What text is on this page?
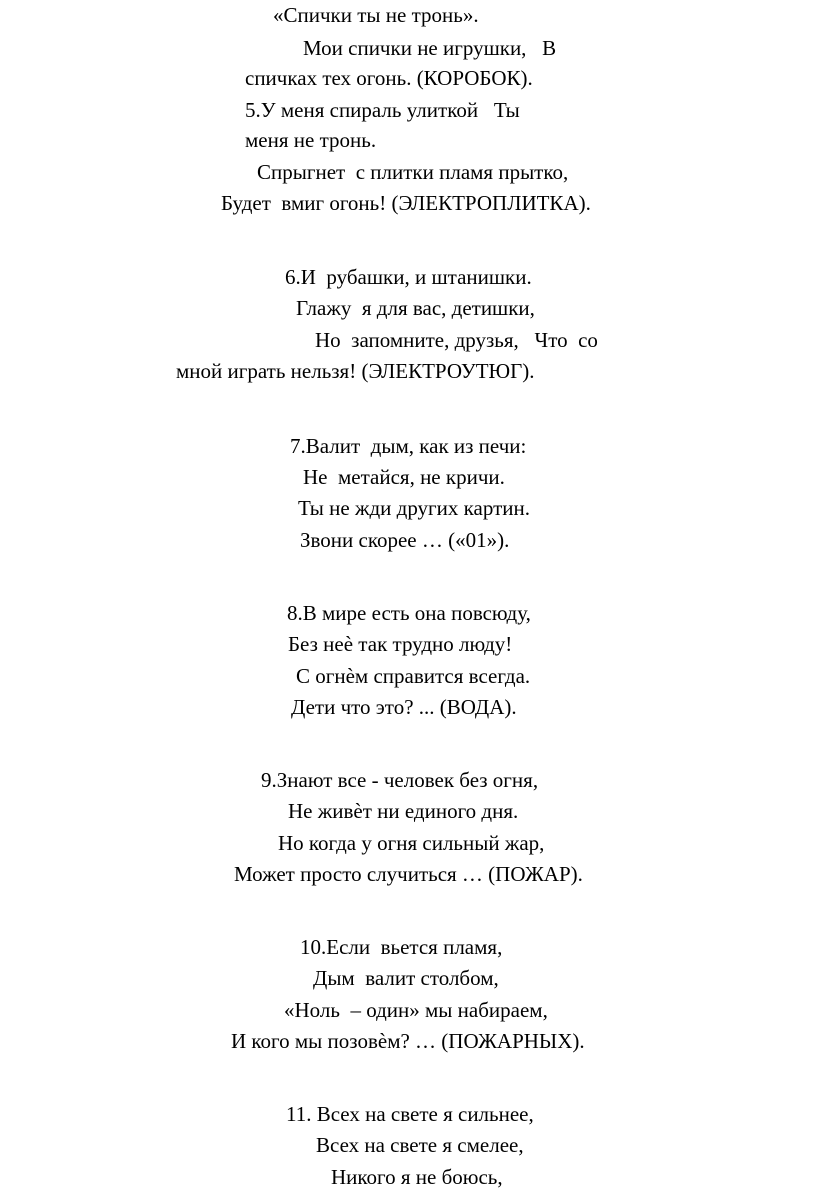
«Спички ты не тронь».
Мои спички не игрушки,   В
спичках тех огонь. (КОРОБОК).
5.У меня спираль улиткой   Ты
меня не тронь.
Спрыгнет  с плитки пламя прытко,
Будет  вмиг огонь! (ЭЛЕКТРОПЛИТКА).
6.И  рубашки, и штанишки.
Глажу  я для вас, детишки,
Но  запомните, друзья,   Что  со
мной играть нельзя! (ЭЛЕКТРОУТЮГ).
7.Валит  дым, как из печи:
Не  метайся, не кричи.
Ты не жди других картин.
Звони скорее … («01»).
8.В мире есть она повсюду,
Без неѐ так трудно люду!
С огнѐм справится всегда.
Дети что это? ... (ВОДА).
9.Знают все - человек без огня,
Не живѐт ни единого дня.
Но когда у огня сильный жар,
Может просто случиться … (ПОЖАР).
10.Если  вьется пламя,
Дым  валит столбом,
«Ноль  – один» мы набираем,
И кого мы позовѐм? … (ПОЖАРНЫХ).
11. Всех на свете я сильнее,
Всех на свете я смелее,
Никого я не боюсь,
